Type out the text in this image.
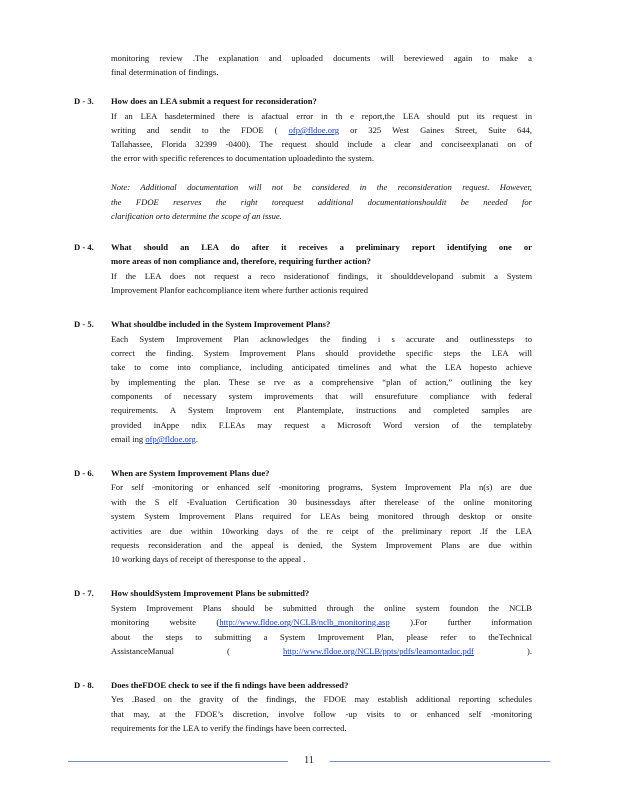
monitoring review .The explanation and uploaded documents will bereviewed again to make a
final determination of findings.
D - 3. How does an LEA submit a request for reconsideration?
If an LEA hasdetermined there is afactual error in th e report,the LEA should put its request in
writing and sendit to the FDOE ( ofp@fldoe.org or 325 West Gaines Street, Suite 644,
Tallahassee, Florida 32399 -0400). The request should include a clear and conciseexplanati on of
the error with specific references to documentation uploadedinto the system.
Note: Additional documentation will not be considered in the reconsideration request. However,
the FDOE reserves the right torequest additional documentationshouldit be needed for
clarification orto determine the scope of an issue.
D - 4. What should an LEA do after it receives a preliminary report identifying one or
more areas of non compliance and, therefore, requiring further action?
If the LEA does not request a reco nsiderationof findings, it shoulddevelopand submit a System
Improvement Planfor eachcompliance item where further actionis required
D - 5. What shouldbe included in the System Improvement Plans?
Each System Improvement Plan acknowledges the finding i s accurate and outlinessteps to
correct the finding. System Improvement Plans should providethe specific steps the LEA will
take to come into compliance, including anticipated timelines and what the LEA hopesto achieve
by implementing the plan. These se rve as a comprehensive “plan of action,” outlining the key
components of necessary system improvements that will ensurefuture compliance with federal
requirements. A System Improvem ent Plantemplate, instructions and completed samples are
provided inAppe ndix F.LEAs may request a Microsoft Word version of the templateby
email ing ofp@fldoe.org.
D - 6. When are System Improvement Plans due?
For self -monitoring or enhanced self -monitoring programs, System Improvement Pla n(s) are due
with the S elf -Evaluation Certification 30 businessdays after therelease of the online monitoring
system System Improvement Plans required for LEAs being monitored through desktop or onsite
activities are due within 10working days of the re ceipt of the preliminary report .If the LEA
requests reconsideration and the appeal is denied, the System Improvement Plans are due within
10 working days of receipt of theresponse to the appeal .
D - 7. How shouldSystem Improvement Plans be submitted?
System Improvement Plans should be submitted through the online system foundon the NCLB
monitoring website (http://www.fldoe.org/NCLB/nclb_monitoring.asp ).For further information
about the steps to submitting a System Improvement Plan, please refer to theTechnical
AssistanceManual (	http://www.fldoe.org/NCLB/ppts/pdfs/leamontadoc.pdf	).
D - 8. Does theFDOE check to see if the fi ndings have been addressed?
Yes .Based on the gravity of the findings, the FDOE may establish additional reporting schedules
that may, at the FDOE’s discretion, involve follow -up visits to or enhanced self -monitoring
requirements for the LEA to verify the findings have been corrected.
11
